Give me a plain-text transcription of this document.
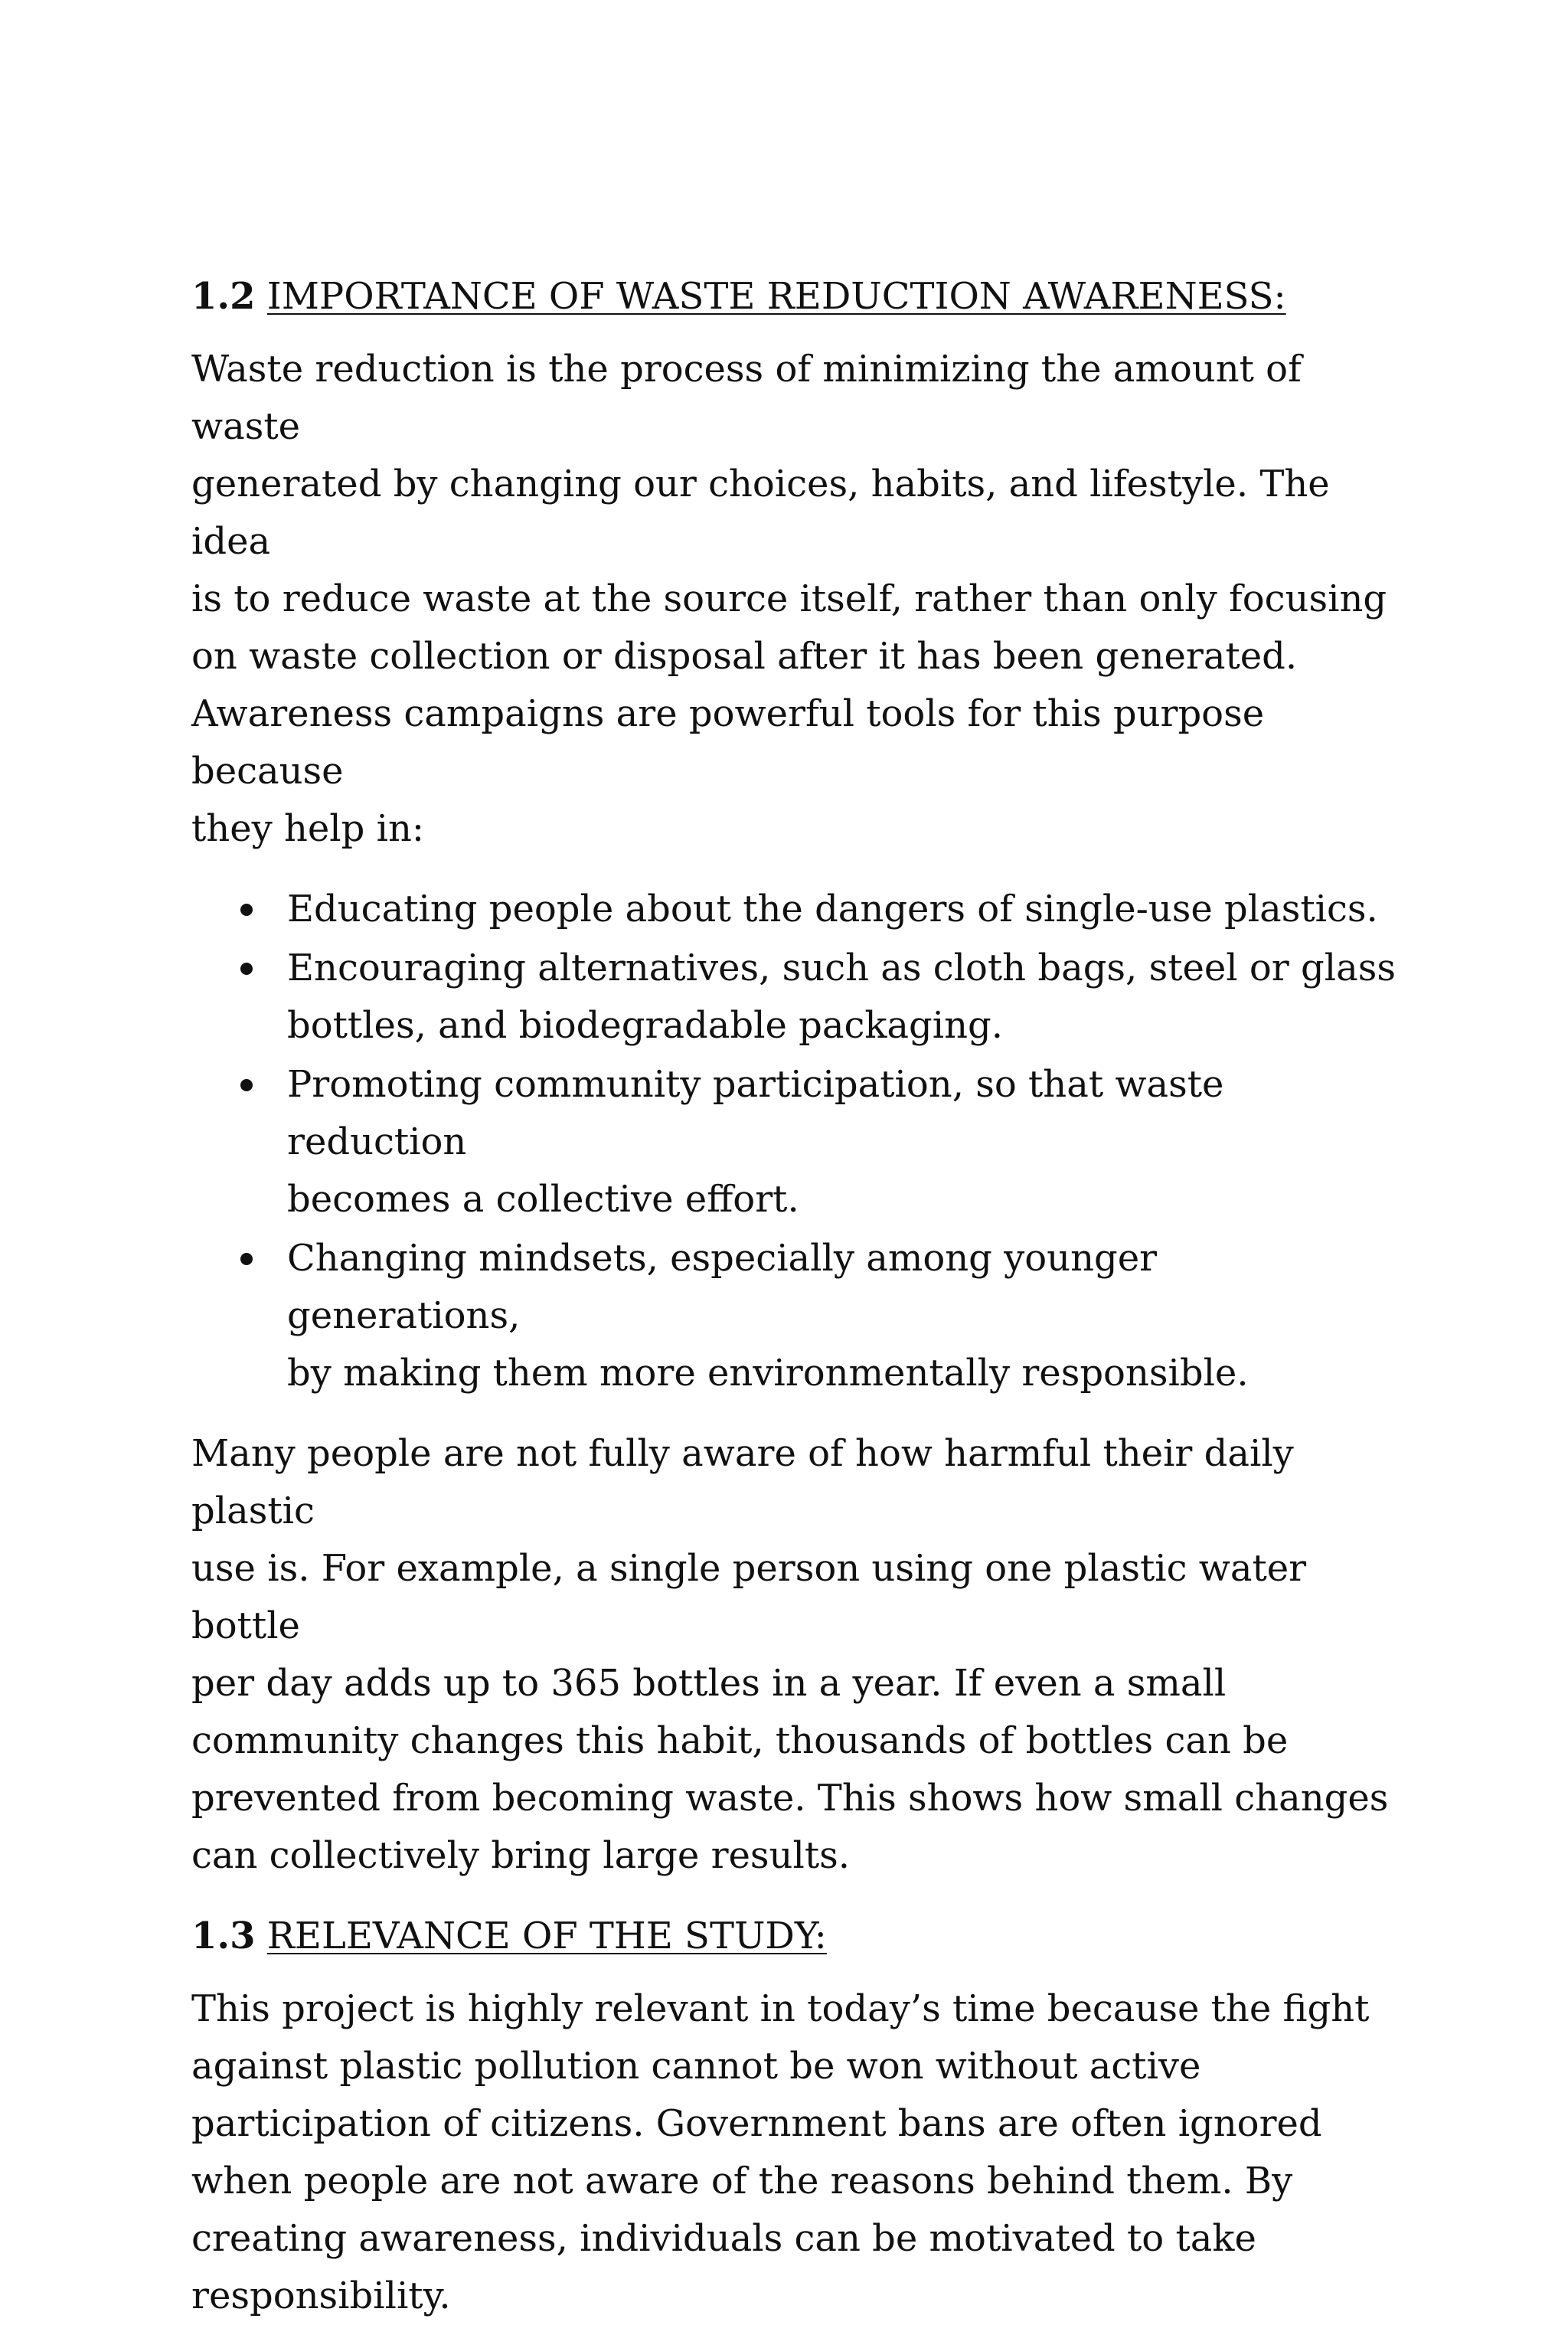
1.2 IMPORTANCE OF WASTE REDUCTION AWARENESS:

Waste reduction is the process of minimizing the amount of waste
generated by changing our choices, habits, and lifestyle. The idea
is to reduce waste at the source itself, rather than only focusing
on waste collection or disposal after it has been generated.
Awareness campaigns are powerful tools for this purpose because
they help in:

Educating people about the dangers of single-use plastics.
Encouraging alternatives, such as cloth bags, steel or glass
bottles, and biodegradable packaging.
Promoting community participation, so that waste reduction
becomes a collective effort.
Changing mindsets, especially among younger generations,
by making them more environmentally responsible.

Many people are not fully aware of how harmful their daily plastic
use is. For example, a single person using one plastic water bottle
per day adds up to 365 bottles in a year. If even a small
community changes this habit, thousands of bottles can be
prevented from becoming waste. This shows how small changes
can collectively bring large results.

1.3 RELEVANCE OF THE STUDY:

This project is highly relevant in today’s time because the fight
against plastic pollution cannot be won without active
participation of citizens. Government bans are often ignored
when people are not aware of the reasons behind them. By
creating awareness, individuals can be motivated to take
responsibility.
